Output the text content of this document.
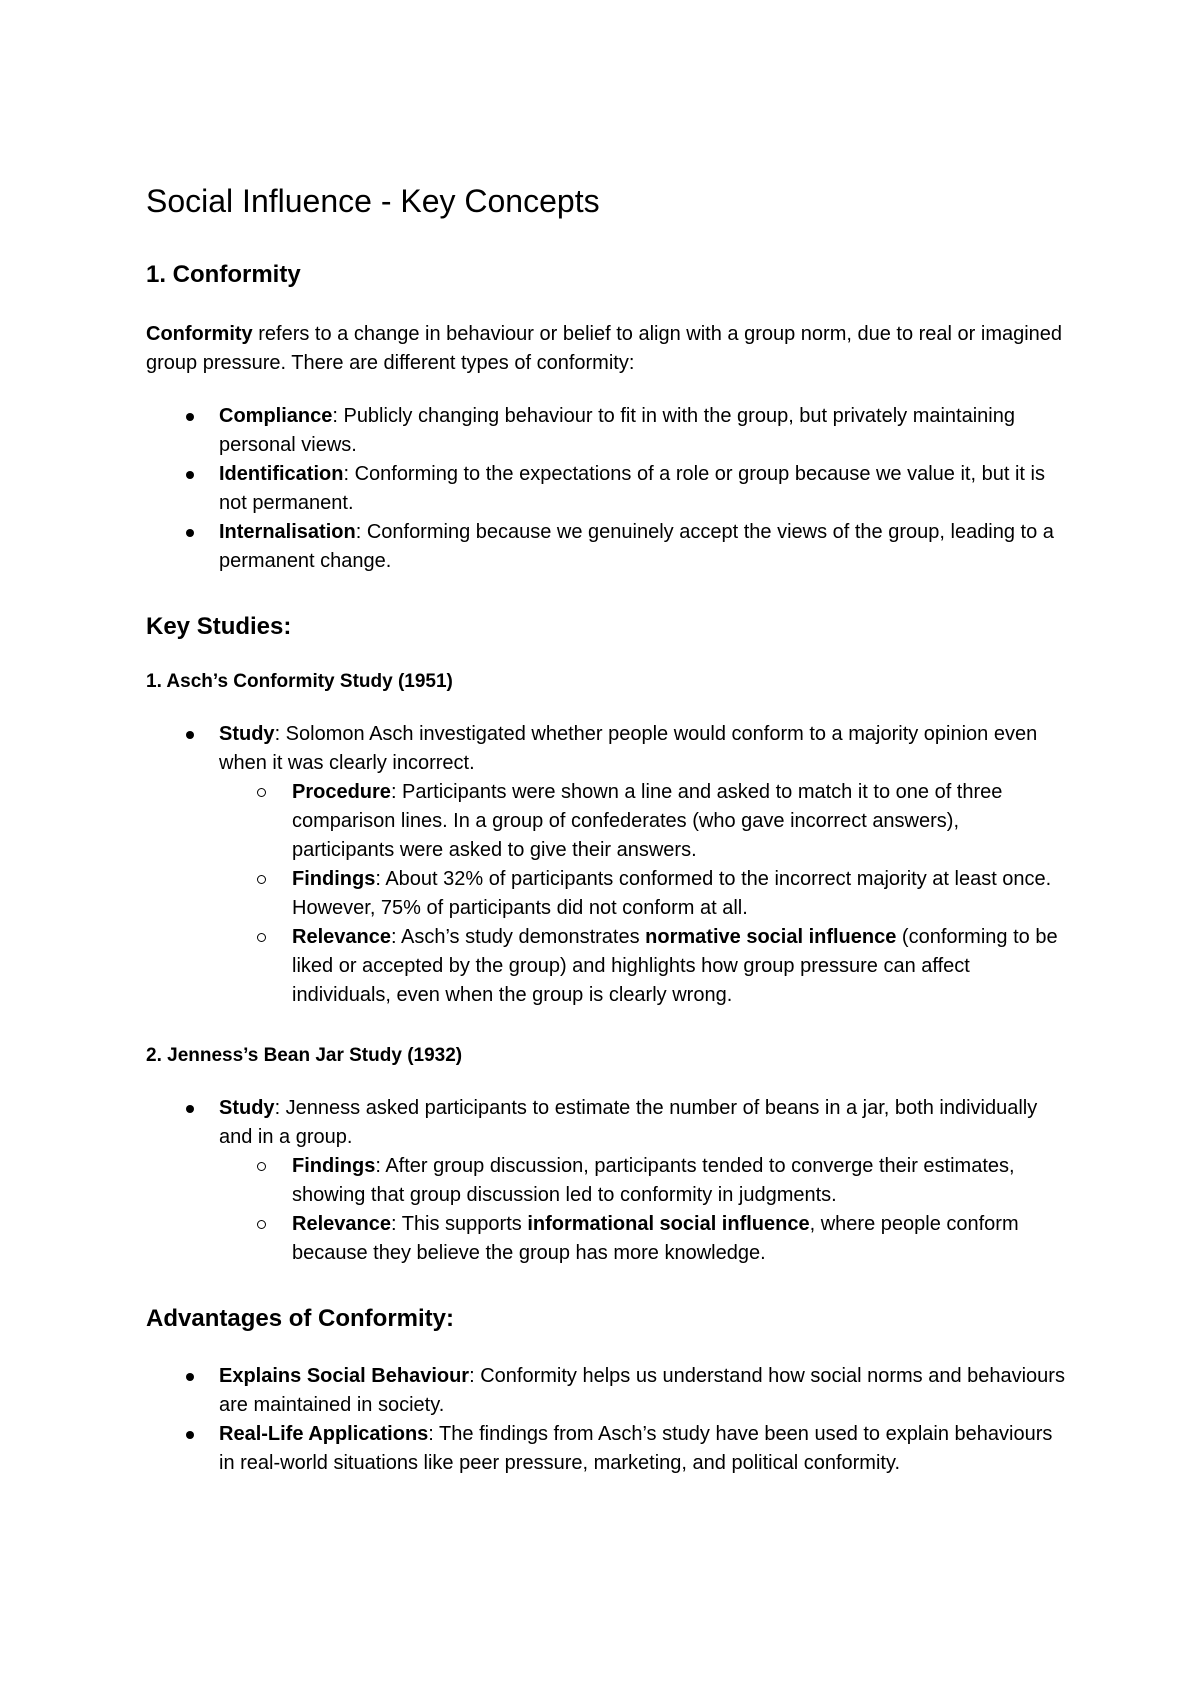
Social Influence - Key Concepts
1. Conformity

Conformity refers to a change in behaviour or belief to align with a group norm, due to real or imagined group pressure. There are different types of conformity:

Compliance: Publicly changing behaviour to fit in with the group, but privately maintaining personal views.
Identification: Conforming to the expectations of a role or group because we value it, but it is not permanent.
Internalisation: Conforming because we genuinely accept the views of the group, leading to a permanent change.
Key Studies:
1. Asch’s Conformity Study (1951)
Study: Solomon Asch investigated whether people would conform to a majority opinion even when it was clearly incorrect.
Procedure: Participants were shown a line and asked to match it to one of three comparison lines. In a group of confederates (who gave incorrect answers), participants were asked to give their answers.
Findings: About 32% of participants conformed to the incorrect majority at least once. However, 75% of participants did not conform at all.
Relevance: Asch’s study demonstrates normative social influence (conforming to be liked or accepted by the group) and highlights how group pressure can affect individuals, even when the group is clearly wrong.
2. Jenness’s Bean Jar Study (1932)
Study: Jenness asked participants to estimate the number of beans in a jar, both individually and in a group.
Findings: After group discussion, participants tended to converge their estimates, showing that group discussion led to conformity in judgments.
Relevance: This supports informational social influence, where people conform because they believe the group has more knowledge.
Advantages of Conformity:
Explains Social Behaviour: Conformity helps us understand how social norms and behaviours are maintained in society.
Real-Life Applications: The findings from Asch’s study have been used to explain behaviours in real-world situations like peer pressure, marketing, and political conformity.
